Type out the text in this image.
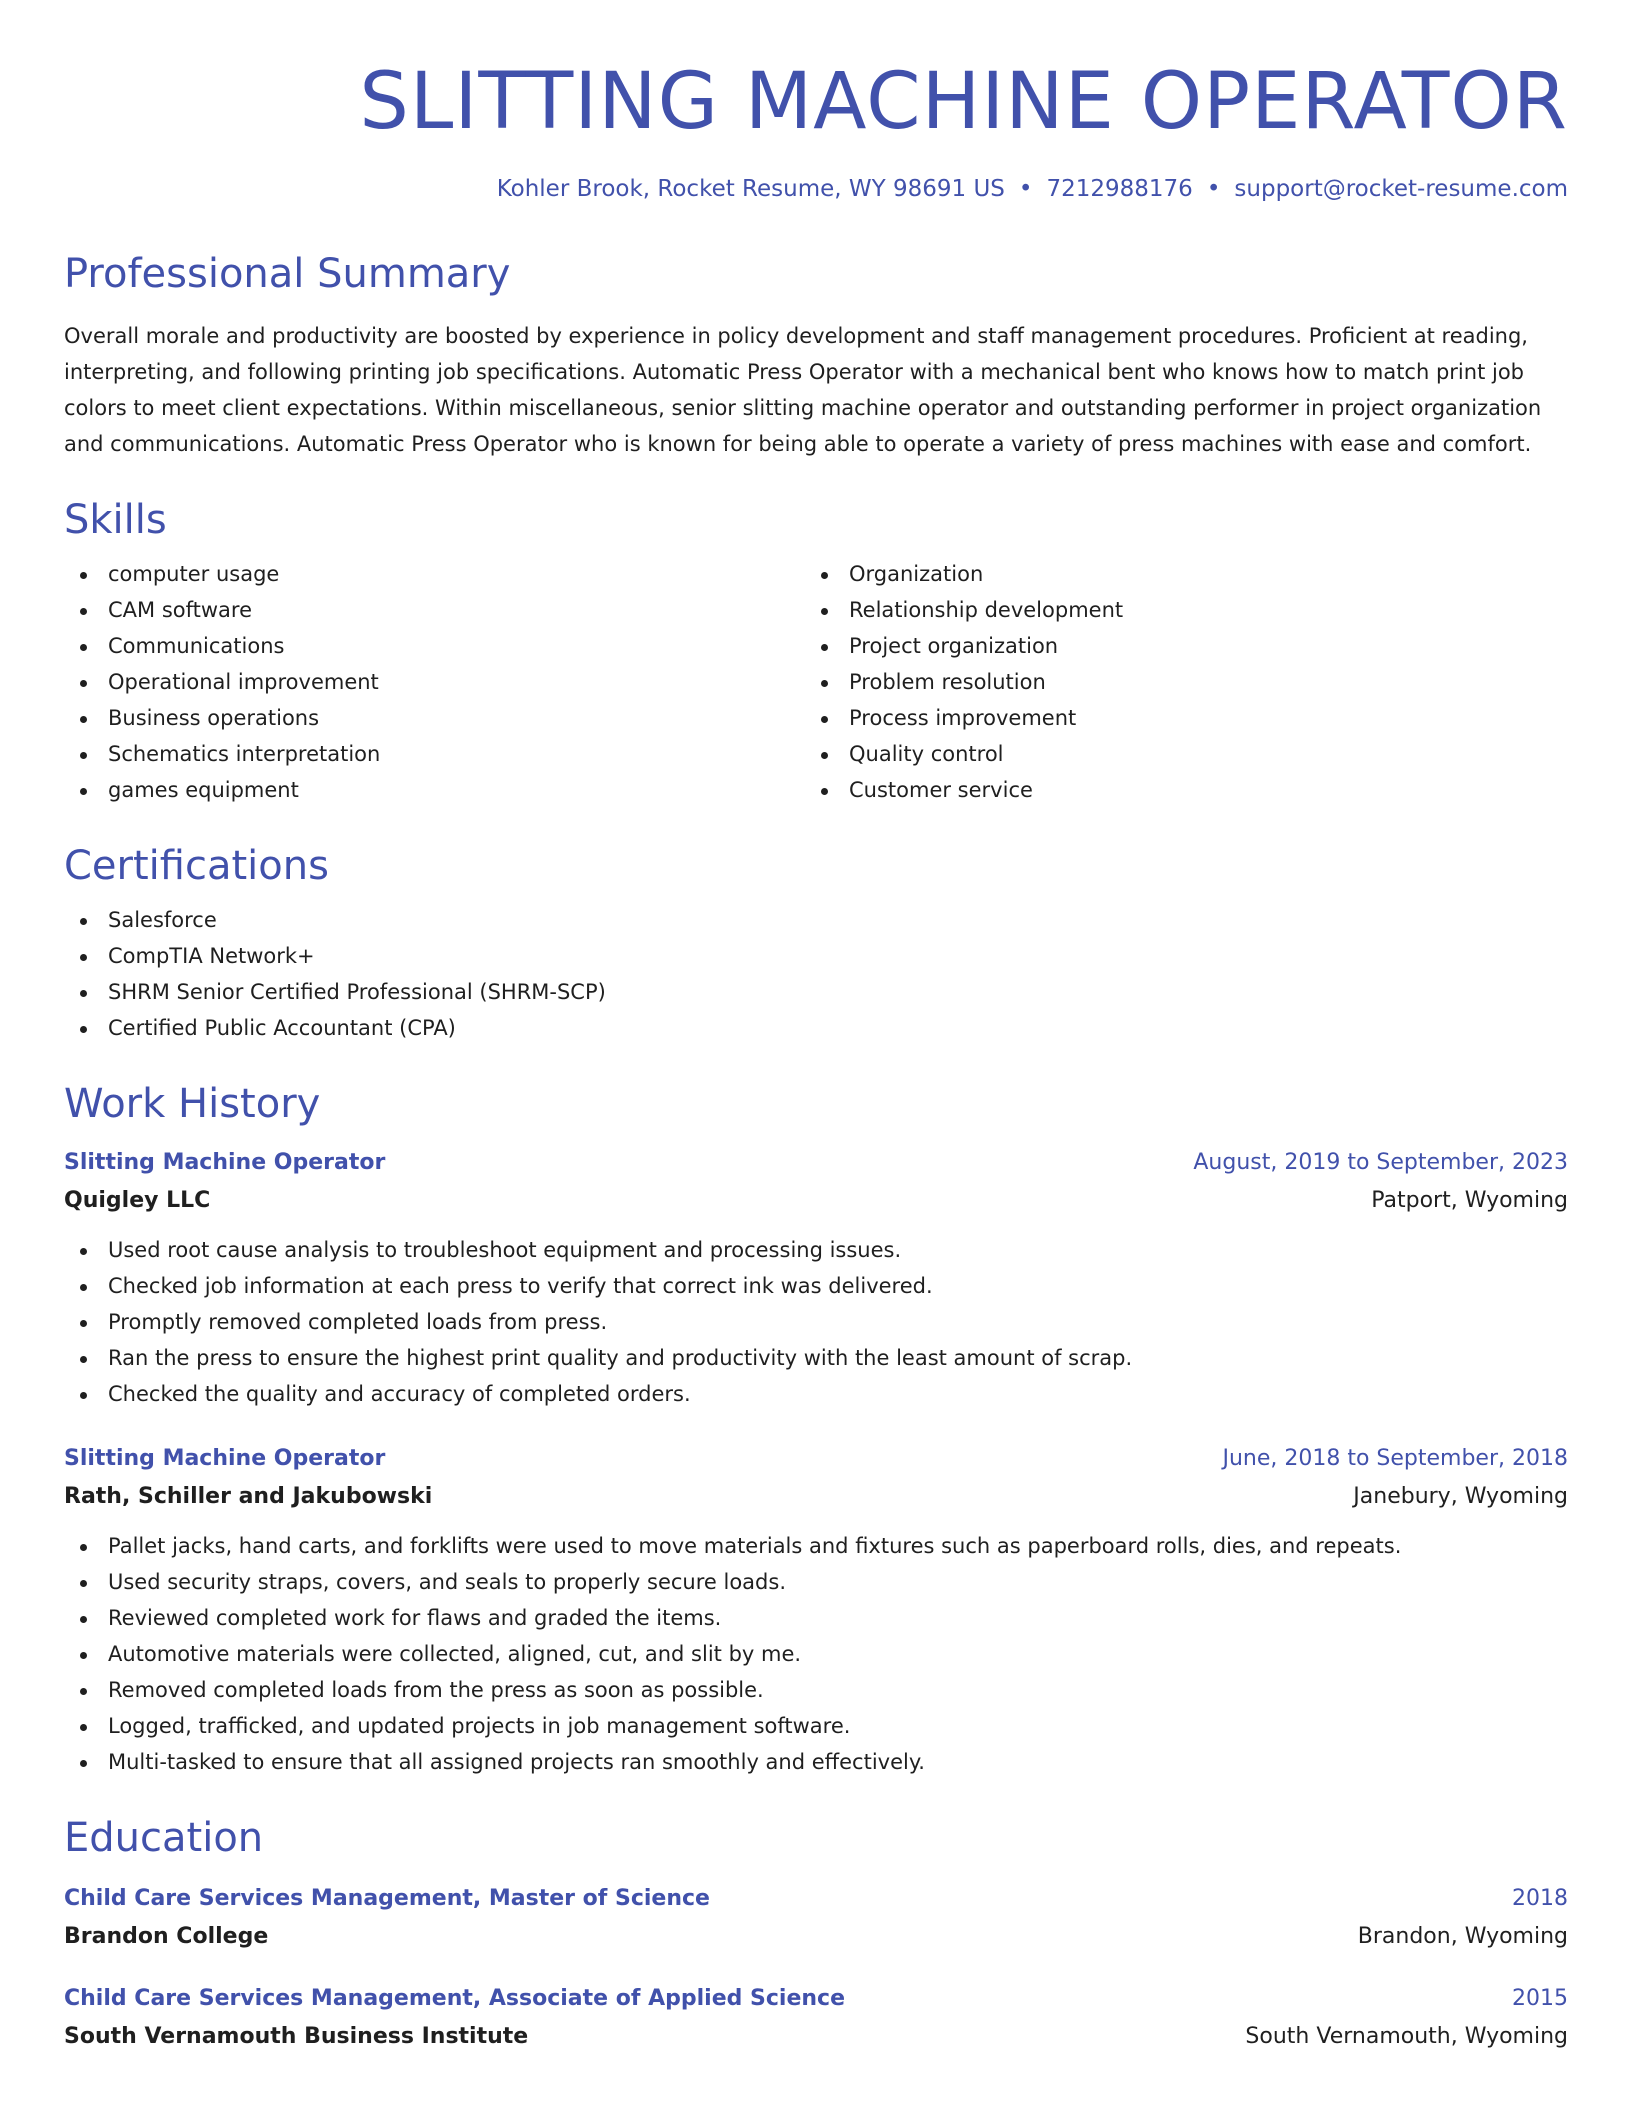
SLITTING MACHINE OPERATOR
Kohler Brook, Rocket Resume, WY 98691 US • 7212988176 • support@rocket-resume.com
Professional Summary

Overall morale and productivity are boosted by experience in policy development and staff management procedures. Proficient at reading, interpreting, and following printing job specifications. Automatic Press Operator with a mechanical bent who knows how to match print job colors to meet client expectations. Within miscellaneous, senior slitting machine operator and outstanding performer in project organization and communications. Automatic Press Operator who is known for being able to operate a variety of press machines with ease and comfort.

Skills
computer usage
CAM software
Communications
Operational improvement
Business operations
Schematics interpretation
games equipment
Organization
Relationship development
Project organization
Problem resolution
Process improvement
Quality control
Customer service
Certifications
Salesforce
CompTIA Network+
SHRM Senior Certified Professional (SHRM-SCP)
Certified Public Accountant (CPA)
Work History
Slitting Machine Operator	August, 2019 to September, 2023
Quigley LLC	Patport, Wyoming
Used root cause analysis to troubleshoot equipment and processing issues.
Checked job information at each press to verify that correct ink was delivered.
Promptly removed completed loads from press.
Ran the press to ensure the highest print quality and productivity with the least amount of scrap.
Checked the quality and accuracy of completed orders.
Slitting Machine Operator	June, 2018 to September, 2018
Rath, Schiller and Jakubowski	Janebury, Wyoming
Pallet jacks, hand carts, and forklifts were used to move materials and fixtures such as paperboard rolls, dies, and repeats.
Used security straps, covers, and seals to properly secure loads.
Reviewed completed work for flaws and graded the items.
Automotive materials were collected, aligned, cut, and slit by me.
Removed completed loads from the press as soon as possible.
Logged, trafficked, and updated projects in job management software.
Multi-tasked to ensure that all assigned projects ran smoothly and effectively.
Education
Child Care Services Management, Master of Science	2018
Brandon College	Brandon, Wyoming
Child Care Services Management, Associate of Applied Science	2015
South Vernamouth Business Institute	South Vernamouth, Wyoming
